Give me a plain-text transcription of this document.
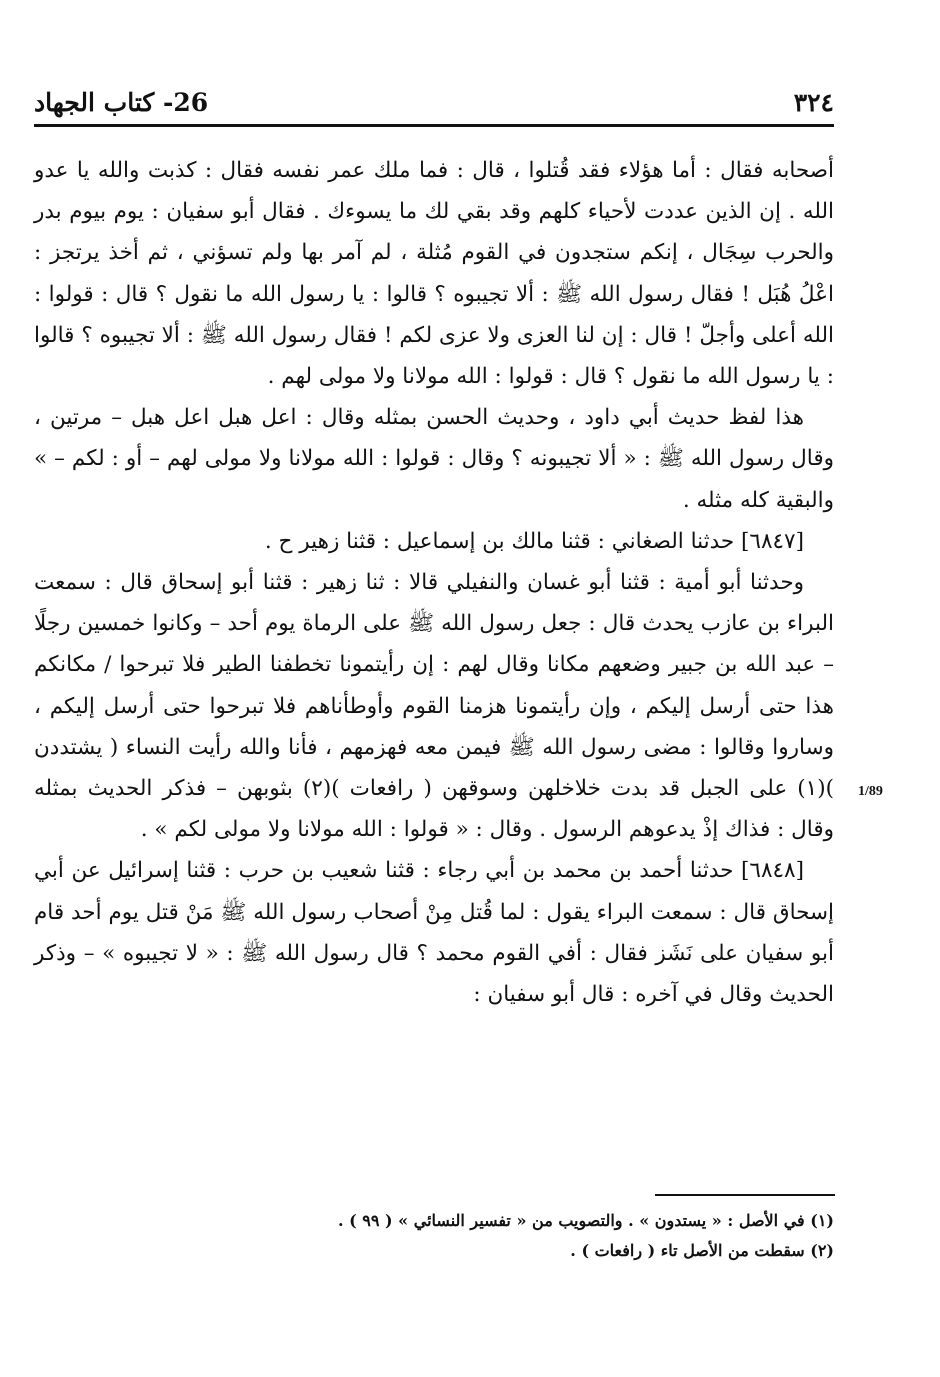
٣٢٤
26- كتاب الجهاد
1/89

أصحابه فقال : أما هؤلاء فقد قُتلوا ، قال : فما ملك عمر نفسه فقال : كذبت والله يا عدو الله . إن الذين عددت لأحياء كلهم وقد بقي لك ما يسوءك . فقال أبو سفيان : يوم بيوم بدر والحرب سِجَال ، إنكم ستجدون في القوم مُثلة ، لم آمر بها ولم تسؤني ، ثم أخذ يرتجز : اعْلُ هُبَل ! فقال رسول الله ﷺ : ألا تجيبوه ؟ قالوا : يا رسول الله ما نقول ؟ قال : قولوا : الله أعلى وأجلّ ! قال : إن لنا العزى ولا عزى لكم ! فقال رسول الله ﷺ : ألا تجيبوه ؟ قالوا : يا رسول الله ما نقول ؟ قال : قولوا : الله مولانا ولا مولى لهم .

هذا لفظ حديث أبي داود ، وحديث الحسن بمثله وقال : اعل هبل اعل هبل – مرتين ، وقال رسول الله ﷺ : « ألا تجيبونه ؟ وقال : قولوا : الله مولانا ولا مولى لهم – أو : لكم – » والبقية كله مثله .

[٦٨٤٧] حدثنا الصغاني : قثنا مالك بن إسماعيل : قثنا زهير ح .

وحدثنا أبو أمية : قثنا أبو غسان والنفيلي قالا : ثنا زهير : قثنا أبو إسحاق قال : سمعت البراء بن عازب يحدث قال : جعل رسول الله ﷺ على الرماة يوم أحد – وكانوا خمسين رجلًا – عبد الله بن جبير وضعهم مكانا وقال لهم : إن رأيتمونا تخطفنا الطير فلا تبرحوا / مكانكم هذا حتى أرسل إليكم ، وإن رأيتمونا هزمنا القوم وأوطأناهم فلا تبرحوا حتى أرسل إليكم ، وساروا وقالوا : مضى رسول الله ﷺ فيمن معه فهزمهم ، فأنا والله رأيت النساء ( يشتددن )(١) على الجبل قد بدت خلاخلهن وسوقهن ( رافعات )(٢) بثوبهن – فذكر الحديث بمثله وقال : فذاك إذْ يدعوهم الرسول . وقال : « قولوا : الله مولانا ولا مولى لكم » .

[٦٨٤٨] حدثنا أحمد بن محمد بن أبي رجاء : قثنا شعيب بن حرب : قثنا إسرائيل عن أبي إسحاق قال : سمعت البراء يقول : لما قُتل مِنْ أصحاب رسول الله ﷺ مَنْ قتل يوم أحد قام أبو سفيان على نَشَز فقال : أفي القوم محمد ؟ قال رسول الله ﷺ : « لا تجيبوه » – وذكر الحديث وقال في آخره : قال أبو سفيان :

(١) في الأصل : « يستدون » . والتصويب من « تفسير النسائي » ( ٩٩ ) .

(٢) سقطت من الأصل تاء ( رافعات ) .
